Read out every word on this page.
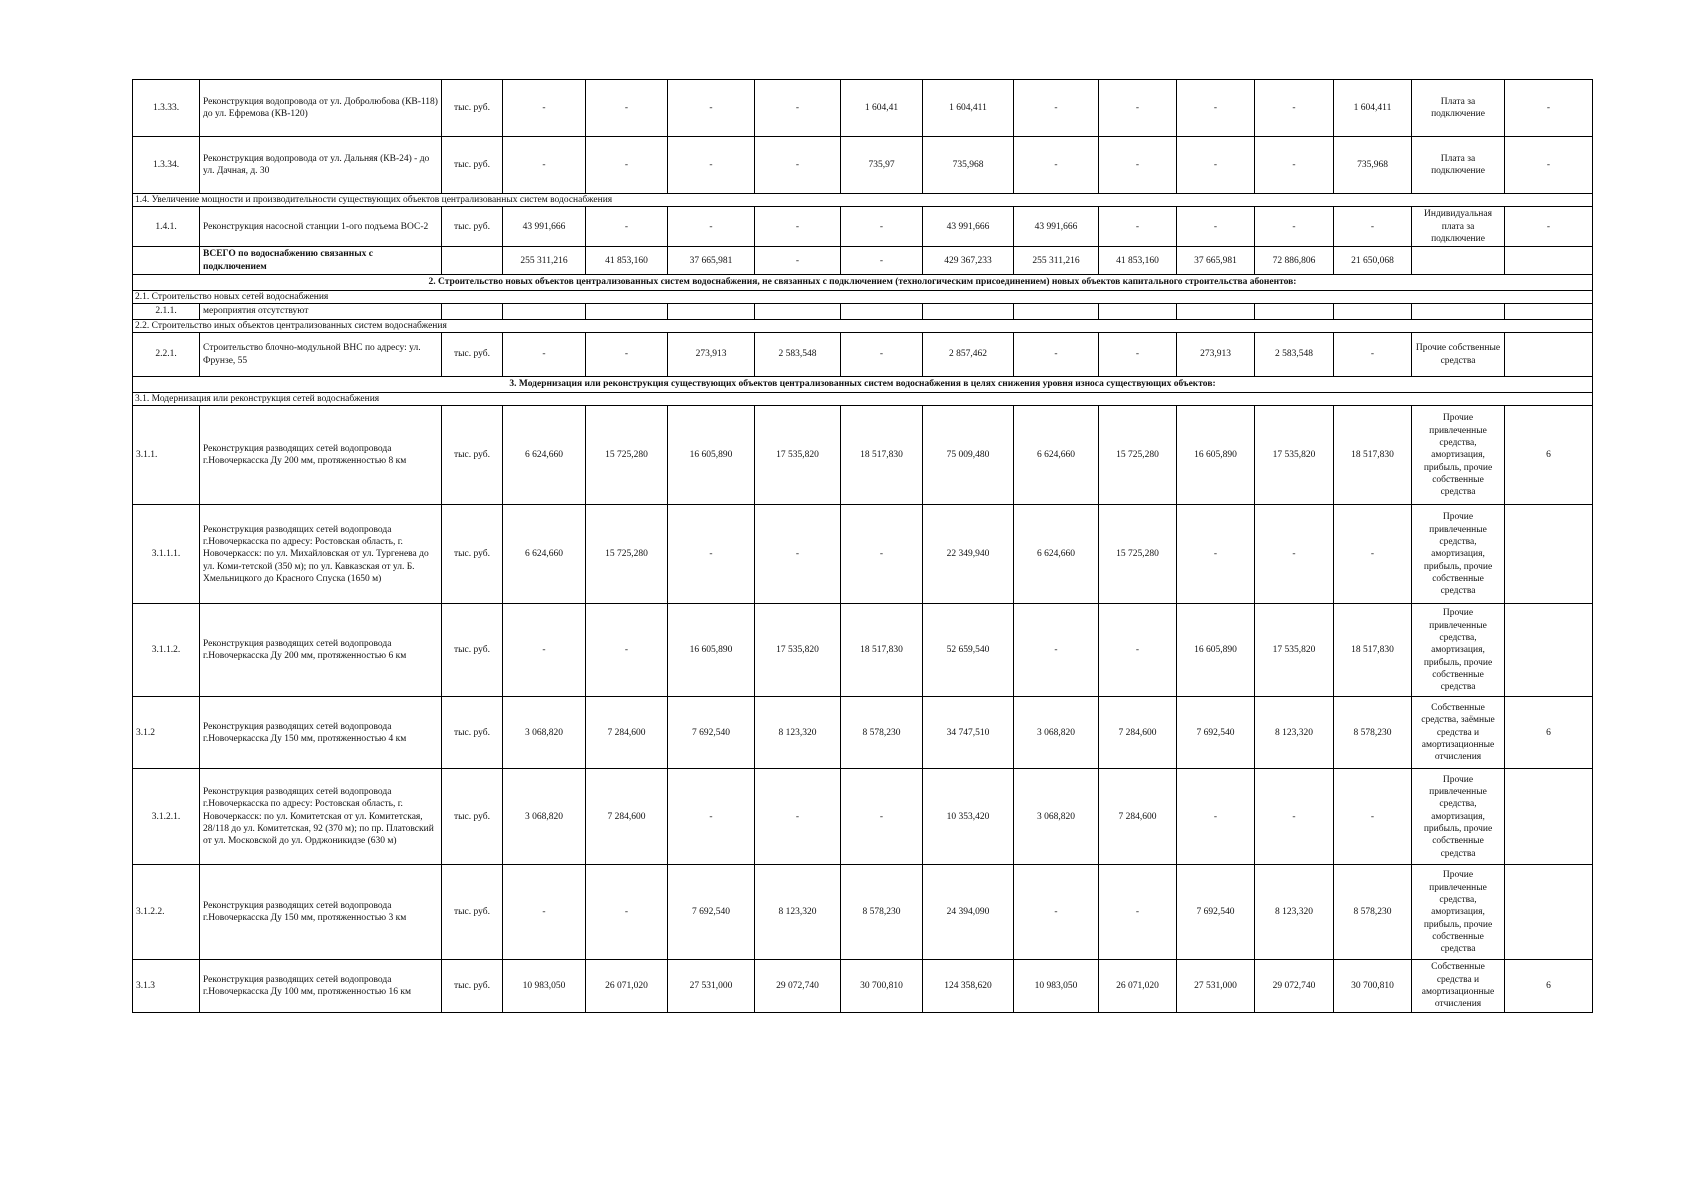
1.3.33.	Реконструкция водопровода от ул. Добролюбова (КВ-118) до ул. Ефремова (КВ-120)	тыс. руб.	-	-	-	-	1 604,41	1 604,411	-	-	-	-	1 604,411	Плата за подключение	-
1.3.34.	Реконструкция водопровода от ул. Дальняя (КВ-24) - до ул. Дачная, д. 30	тыс. руб.	-	-	-	-	735,97	735,968	-	-	-	-	735,968	Плата за подключение	-
1.4. Увеличение мощности и производительности существующих объектов централизованных систем водоснабжения															
1.4.1.	Реконструкция насосной станции 1-ого подъема ВОС-2	тыс. руб.	43 991,666	-	-	-	-	43 991,666	43 991,666	-	-	-	-	Индивидуальная плата за подключение	-
	ВСЕГО по водоснабжению связанных с подключением		255 311,216	41 853,160	37 665,981	-	-	429 367,233	255 311,216	41 853,160	37 665,981	72 886,806	21 650,068		
2. Строительство новых объектов централизованных систем водоснабжения, не связанных с подключением (технологическим присоединением) новых объектов капитального строительства абонентов:															
2.1. Строительство новых сетей водоснабжения															
2.1.1.	мероприятия отсутствуют														
2.2. Строительство иных объектов централизованных систем водоснабжения															
2.2.1.	Строительство блочно-модульной ВНС по адресу: ул. Фрунзе, 55	тыс. руб.	-	-	273,913	2 583,548	-	2 857,462	-	-	273,913	2 583,548	-	Прочие собственные средства	
3. Модернизация или реконструкция существующих объектов централизованных систем водоснабжения в целях снижения уровня износа существующих объектов:															
3.1. Модернизация или реконструкция сетей водоснабжения															
3.1.1.	Реконструкция разводящих сетей водопровода г.Новочеркасска Ду 200 мм, протяженностью 8 км	тыс. руб.	6 624,660	15 725,280	16 605,890	17 535,820	18 517,830	75 009,480	6 624,660	15 725,280	16 605,890	17 535,820	18 517,830	Прочие привлеченные средства, амортизация, прибыль, прочие собственные средства	6
3.1.1.1.	Реконструкция разводящих сетей водопровода г.Новочеркасска по адресу: Ростовская область, г. Новочеркасск: по ул. Михайловская от ул. Тургенева до ул. Коми-тетской (350 м); по ул. Кавказская от ул. Б. Хмельницкого до Красного Спуска (1650 м)	тыс. руб.	6 624,660	15 725,280	-	-	-	22 349,940	6 624,660	15 725,280	-	-	-	Прочие привлеченные средства, амортизация, прибыль, прочие собственные средства	
3.1.1.2.	Реконструкция разводящих сетей водопровода г.Новочеркасска Ду 200 мм, протяженностью 6 км	тыс. руб.	-	-	16 605,890	17 535,820	18 517,830	52 659,540	-	-	16 605,890	17 535,820	18 517,830	Прочие привлеченные средства, амортизация, прибыль, прочие собственные средства	
3.1.2	Реконструкция разводящих сетей водопровода г.Новочеркасска Ду 150 мм, протяженностью 4 км	тыс. руб.	3 068,820	7 284,600	7 692,540	8 123,320	8 578,230	34 747,510	3 068,820	7 284,600	7 692,540	8 123,320	8 578,230	Собственные средства, заёмные средства и амортизационные отчисления	6
3.1.2.1.	Реконструкция разводящих сетей водопровода г.Новочеркасска по адресу: Ростовская область, г. Новочеркасск: по ул. Комитетская от ул. Комитетская, 28/118 до ул. Комитетская, 92 (370 м); по пр. Платовский от ул. Московской до ул. Орджоникидзе (630 м)	тыс. руб.	3 068,820	7 284,600	-	-	-	10 353,420	3 068,820	7 284,600	-	-	-	Прочие привлеченные средства, амортизация, прибыль, прочие собственные средства	
3.1.2.2.	Реконструкция разводящих сетей водопровода г.Новочеркасска Ду 150 мм, протяженностью 3 км	тыс. руб.	-	-	7 692,540	8 123,320	8 578,230	24 394,090	-	-	7 692,540	8 123,320	8 578,230	Прочие привлеченные средства, амортизация, прибыль, прочие собственные средства	
3.1.3	Реконструкция разводящих сетей водопровода г.Новочеркасска Ду 100 мм, протяженностью 16 км	тыс. руб.	10 983,050	26 071,020	27 531,000	29 072,740	30 700,810	124 358,620	10 983,050	26 071,020	27 531,000	29 072,740	30 700,810	Собственные средства и амортизационные отчисления	6
